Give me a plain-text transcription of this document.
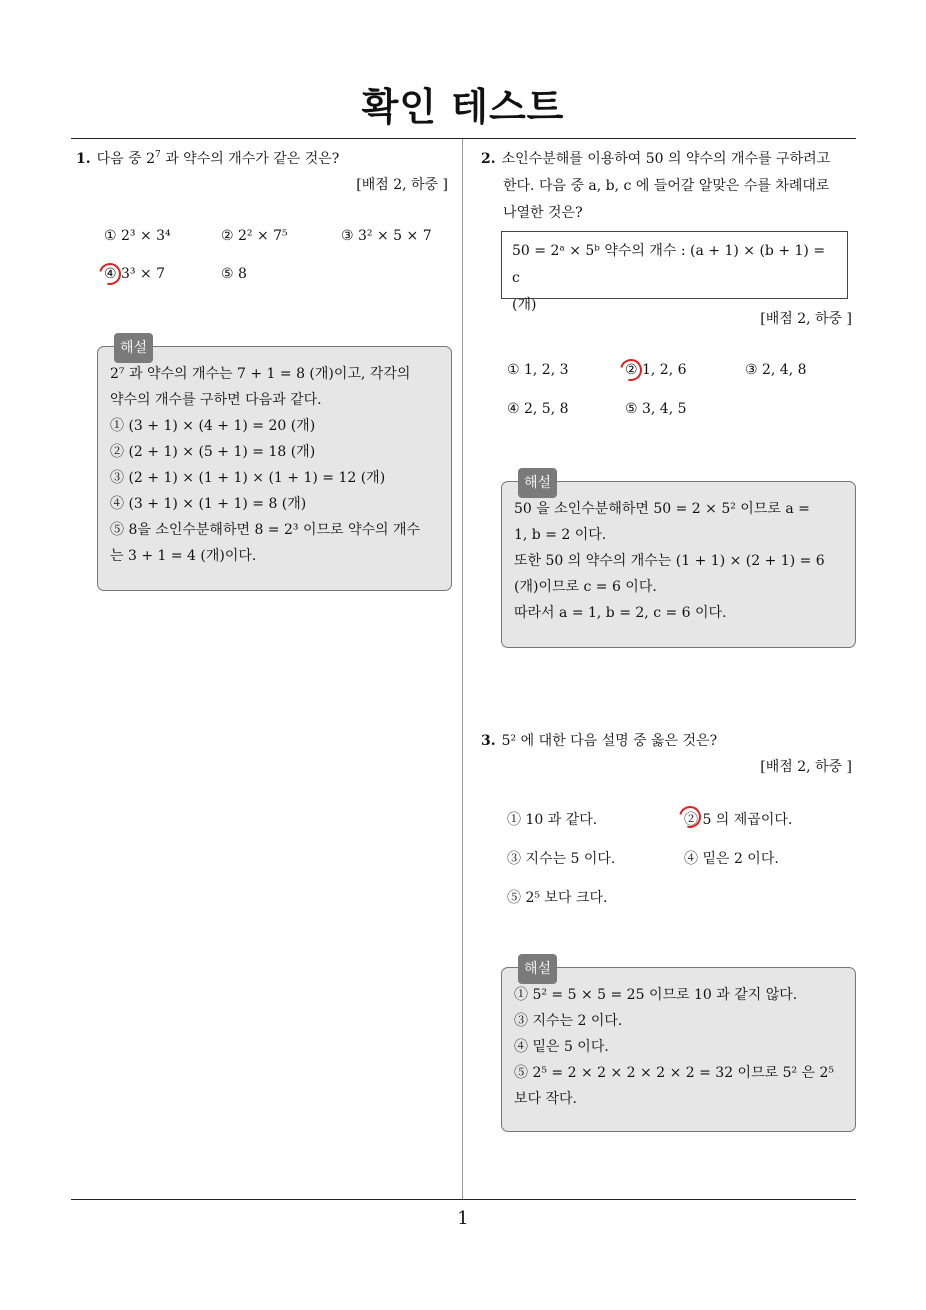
확인 테스트
1. 다음 중 $2^7$ 과 약수의 개수가 같은 것은?
[배점 2, 하중 ]
① 2³ × 3⁴	② 2² × 7⁵	③ 3² × 5 × 7
④ 3³ × 7	⑤ 8
해설
2⁷ 과 약수의 개수는 7 + 1 = 8 (개)이고, 각각의
약수의 개수를 구하면 다음과 같다.
① (3 + 1) × (4 + 1) = 20 (개)
② (2 + 1) × (5 + 1) = 18 (개)
③ (2 + 1) × (1 + 1) × (1 + 1) = 12 (개)
④ (3 + 1) × (1 + 1) = 8 (개)
⑤ 8을 소인수분해하면 8 = 2³ 이므로 약수의 개수
는 3 + 1 = 4 (개)이다.
2. 소인수분해를 이용하여 50 의 약수의 개수를 구하려고
한다. 다음 중 a, b, c 에 들어갈 알맞은 수를 차례대로
나열한 것은?
50 = 2ᵃ × 5ᵇ 약수의 개수 : (a + 1) × (b + 1) = c
(개)
[배점 2, 하중 ]
① 1, 2, 3	② 1, 2, 6	③ 2, 4, 8
④ 2, 5, 8	⑤ 3, 4, 5
해설
50 을 소인수분해하면 50 = 2 × 5² 이므로 a =
1, b = 2 이다.
또한 50 의 약수의 개수는 (1 + 1) × (2 + 1) = 6
(개)이므로 c = 6 이다.
따라서 a = 1, b = 2, c = 6 이다.
3. 5² 에 대한 다음 설명 중 옳은 것은?
[배점 2, 하중 ]
① 10 과 같다.	② 5 의 제곱이다.
③ 지수는 5 이다.	④ 밑은 2 이다.
⑤ 2⁵ 보다 크다.
해설
① 5² = 5 × 5 = 25 이므로 10 과 같지 않다.
③ 지수는 2 이다.
④ 밑은 5 이다.
⑤ 2⁵ = 2 × 2 × 2 × 2 × 2 = 32 이므로 5² 은 2⁵
보다 작다.
1
